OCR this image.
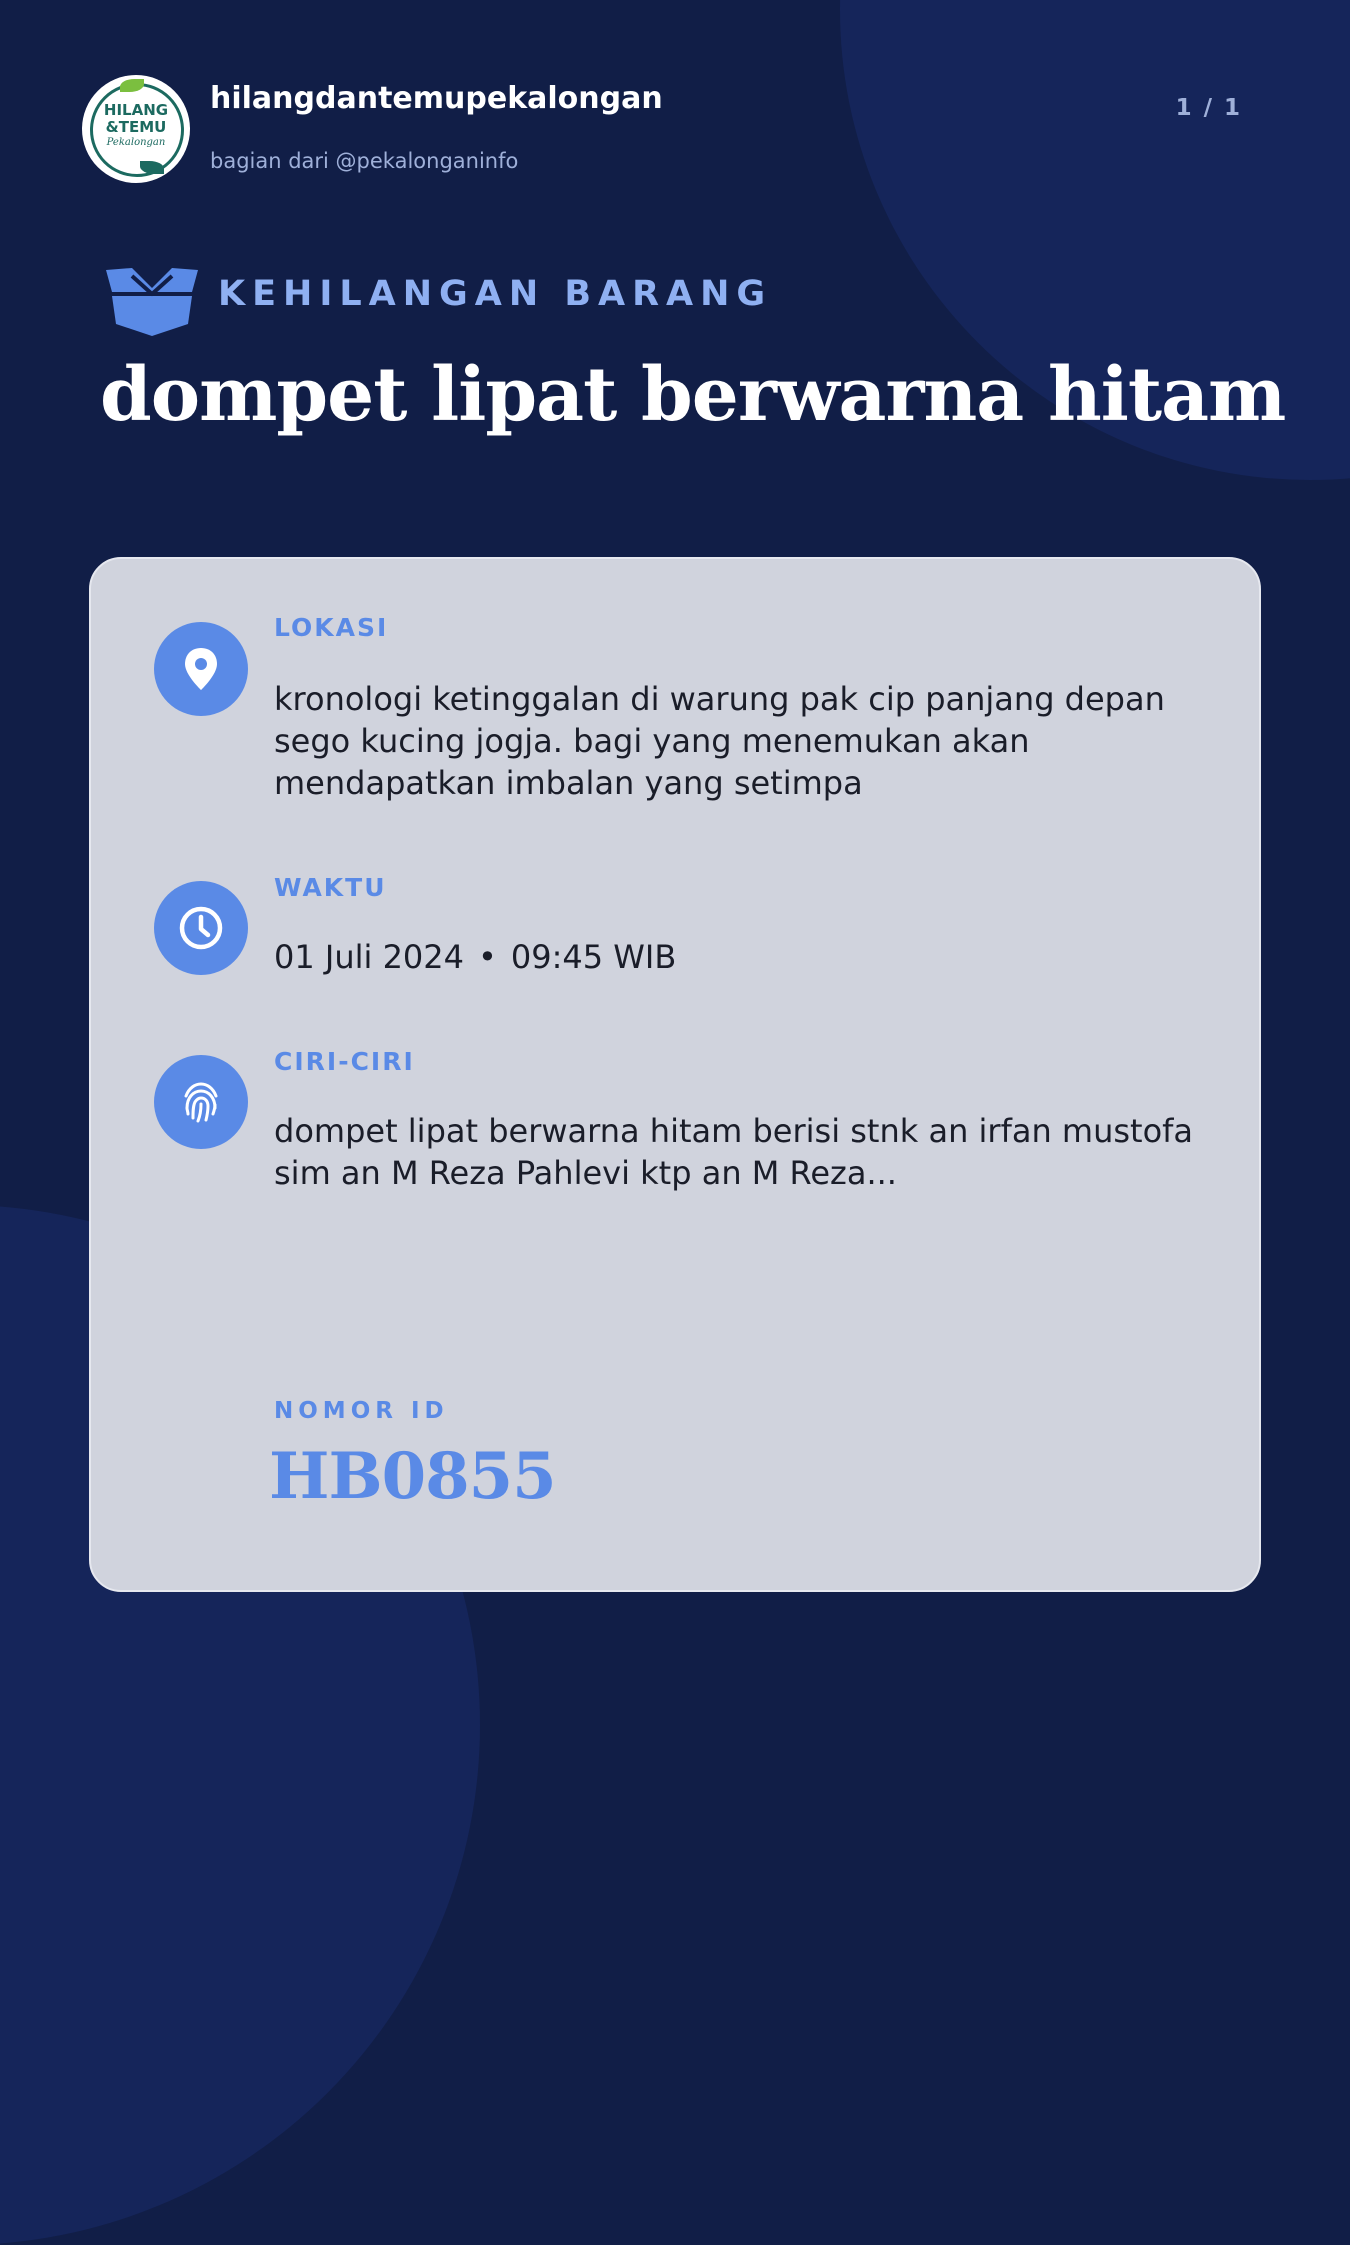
HILANG
&TEMU
Pekalongan
hilangdantemupekalongan
bagian dari @pekalonganinfo
1 / 1
KEHILANGAN BARANG
dompet lipat berwarna hitam
LOKASI
kronologi ketinggalan di warung pak cip panjang depan sego kucing jogja. bagi yang menemukan akan mendapatkan imbalan yang setimpa
WAKTU
01 Juli 2024 • 09:45 WIB
CIRI-CIRI
dompet lipat berwarna hitam berisi stnk an irfan mustofa sim an M Reza Pahlevi ktp an M Reza...
NOMOR ID
HB0855
